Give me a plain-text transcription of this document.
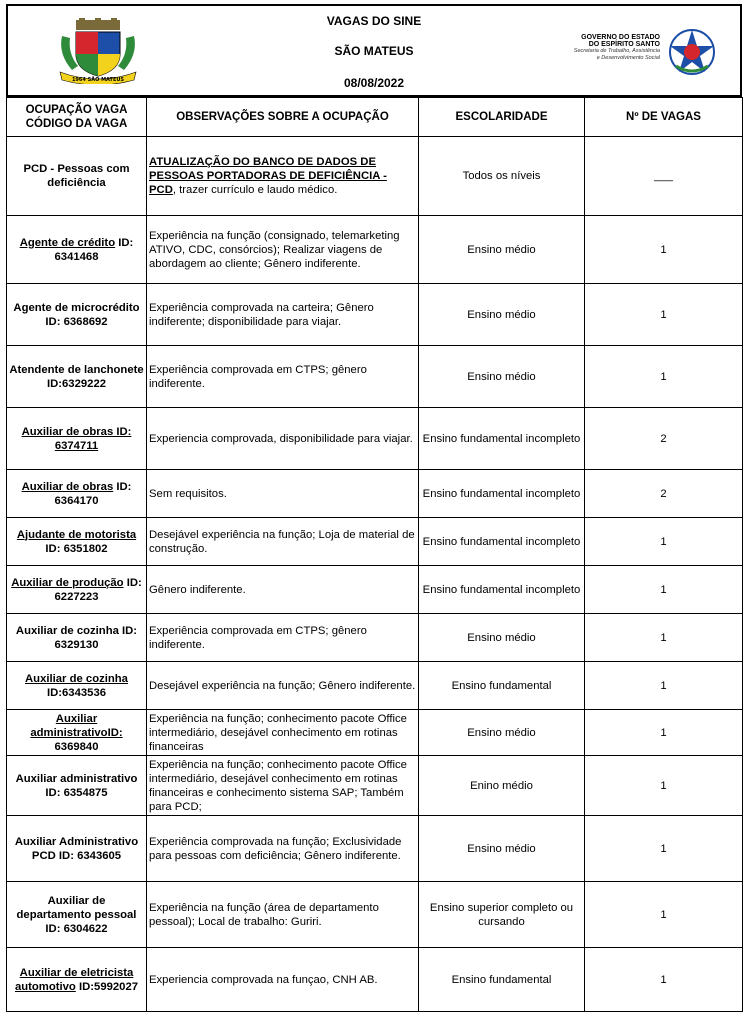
1964 SÃO MATEUS
VAGAS DO SINE
SÃO MATEUS
08/08/2022
GOVERNO DO ESTADO
DO ESPÍRITO SANTO
Secretaria de Trabalho, Assistência
e Desenvolvimento Social
OCUPAÇÃO VAGA
CÓDIGO DA VAGA	OBSERVAÇÕES SOBRE A OCUPAÇÃO	ESCOLARIDADE	Nº DE VAGAS
PCD - Pessoas com deficiência	ATUALIZAÇÃO DO BANCO DE DADOS DE PESSOAS PORTADORAS DE DEFICIÊNCIA - PCD, trazer currículo e laudo médico.	Todos os níveis	___
Agente de crédito ID: 6341468	Experiência na função (consignado, telemarketing ATIVO, CDC, consórcios); Realizar viagens de abordagem ao cliente; Gênero indiferente.	Ensino médio	1
Agente de microcrédito ID: 6368692	Experiência comprovada na carteira; Gênero indiferente; disponibilidade para viajar.	Ensino médio	1
Atendente de lanchonete ID:6329222	Experiência comprovada em CTPS; gênero indiferente.	Ensino médio	1
Auxiliar de obras ID: 6374711	Experiencia comprovada, disponibilidade para viajar.	Ensino fundamental incompleto	2
Auxiliar de obras ID: 6364170	Sem requisitos.	Ensino fundamental incompleto	2
Ajudante de motorista ID: 6351802	Desejável experiência na função; Loja de material de construção.	Ensino fundamental incompleto	1
Auxiliar de produção ID: 6227223	Gênero indiferente.	Ensino fundamental incompleto	1
Auxiliar de cozinha ID: 6329130	Experiência comprovada em CTPS; gênero indiferente.	Ensino médio	1
Auxiliar de cozinha ID:6343536	Desejável experiência na função; Gênero indiferente.	Ensino fundamental	1
Auxiliar administrativoID: 6369840	Experiência na função; conhecimento pacote Office intermediário, desejável conhecimento em rotinas financeiras	Ensino médio	1
Auxiliar administrativo ID: 6354875	Experiência na função; conhecimento pacote Office intermediário, desejável conhecimento em rotinas financeiras e conhecimento sistema SAP; Também para PCD;	Enino médio	1
Auxiliar Administrativo PCD ID: 6343605	Experiência comprovada na função; Exclusividade para pessoas com deficiência; Gênero indiferente.	Ensino médio	1
Auxiliar de departamento pessoal ID: 6304622	Experiência na função (área de departamento pessoal); Local de trabalho: Guriri.	Ensino superior completo ou cursando	1
Auxiliar de eletricista automotivo ID:5992027	Experiencia comprovada na funçao, CNH AB.	Ensino fundamental	1
